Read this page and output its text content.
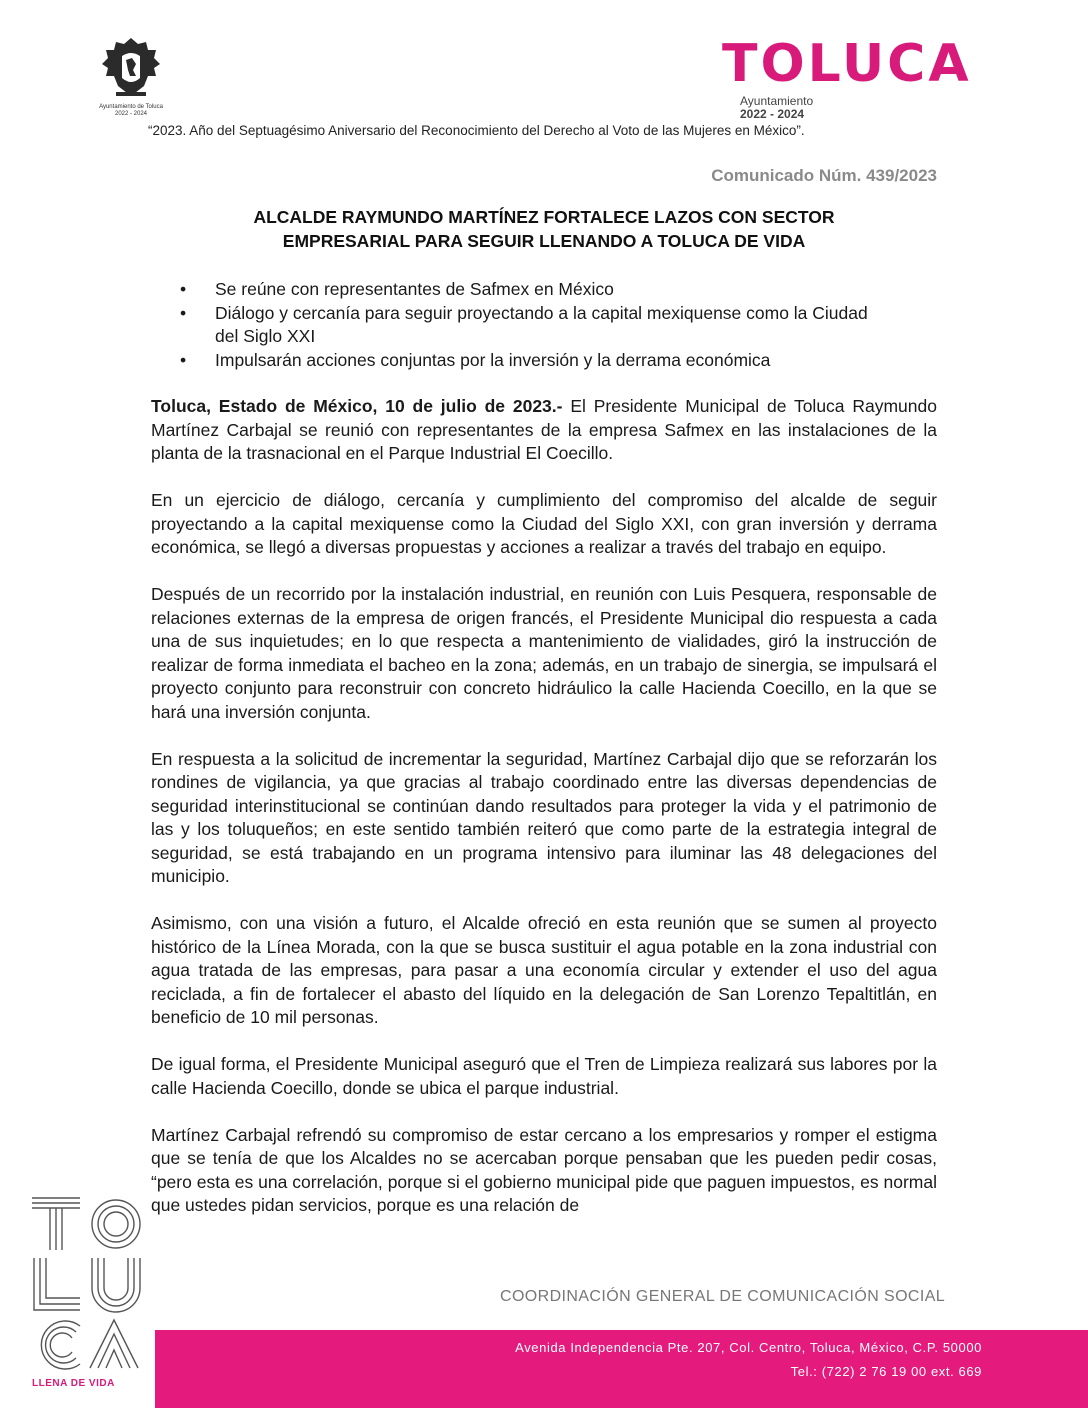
Ayuntamiento de Toluca
2022 - 2024
TOLUCA
Ayuntamiento
2022 - 2024
“2023. Año del Septuagésimo Aniversario del Reconocimiento del Derecho al Voto de las Mujeres en México”.
Comunicado Núm. 439/2023
ALCALDE RAYMUNDO MARTÍNEZ FORTALECE LAZOS CON SECTOR
EMPRESARIAL PARA SEGUIR LLENANDO A TOLUCA DE VIDA
• Se reúne con representantes de Safmex en México
• Diálogo y cercanía para seguir proyectando a la capital mexiquense como la Ciudad del Siglo XXI
• Impulsarán acciones conjuntas por la inversión y la derrama económica

Toluca, Estado de México, 10 de julio de 2023.- El Presidente Municipal de Toluca Raymundo Martínez Carbajal se reunió con representantes de la empresa Safmex en las instalaciones de la planta de la trasnacional en el Parque Industrial El Coecillo.

En un ejercicio de diálogo, cercanía y cumplimiento del compromiso del alcalde de seguir proyectando a la capital mexiquense como la Ciudad del Siglo XXI, con gran inversión y derrama económica, se llegó a diversas propuestas y acciones a realizar a través del trabajo en equipo.

Después de un recorrido por la instalación industrial, en reunión con Luis Pesquera, responsable de relaciones externas de la empresa de origen francés, el Presidente Municipal dio respuesta a cada una de sus inquietudes; en lo que respecta a mantenimiento de vialidades, giró la instrucción de realizar de forma inmediata el bacheo en la zona; además, en un trabajo de sinergia, se impulsará el proyecto conjunto para reconstruir con concreto hidráulico la calle Hacienda Coecillo, en la que se hará una inversión conjunta.

En respuesta a la solicitud de incrementar la seguridad, Martínez Carbajal dijo que se reforzarán los rondines de vigilancia, ya que gracias al trabajo coordinado entre las diversas dependencias de seguridad interinstitucional se continúan dando resultados para proteger la vida y el patrimonio de las y los toluqueños; en este sentido también reiteró que como parte de la estrategia integral de seguridad, se está trabajando en un programa intensivo para iluminar las 48 delegaciones del municipio.

Asimismo, con una visión a futuro, el Alcalde ofreció en esta reunión que se sumen al proyecto histórico de la Línea Morada, con la que se busca sustituir el agua potable en la zona industrial con agua tratada de las empresas, para pasar a una economía circular y extender el uso del agua reciclada, a fin de fortalecer el abasto del líquido en la delegación de San Lorenzo Tepaltitlán, en beneficio de 10 mil personas.

De igual forma, el Presidente Municipal aseguró que el Tren de Limpieza realizará sus labores por la calle Hacienda Coecillo, donde se ubica el parque industrial.

Martínez Carbajal refrendó su compromiso de estar cercano a los empresarios y romper el estigma que se tenía de que los Alcaldes no se acercaban porque pensaban que les pueden pedir cosas, “pero esta es una correlación, porque si el gobierno municipal pide que paguen impuestos, es normal que ustedes pidan servicios, porque es una relación de

LLENA DE VIDA
COORDINACIÓN GENERAL DE COMUNICACIÓN SOCIAL
Avenida Independencia Pte. 207, Col. Centro, Toluca, México, C.P. 50000
Tel.: (722) 2 76 19 00 ext. 669
